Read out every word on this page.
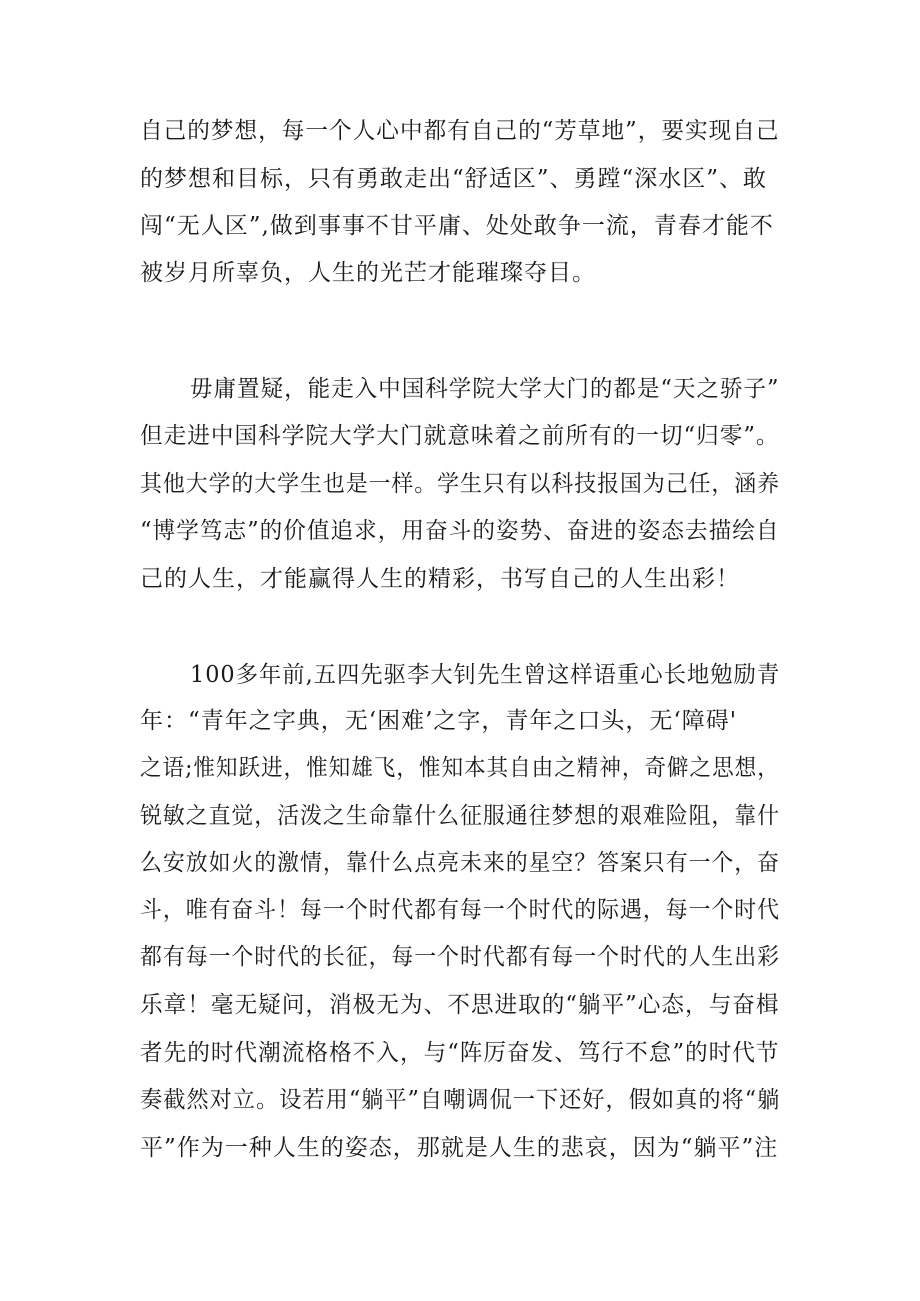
自己的梦想，每一个人心中都有自己的“芳草地”，要实现自己
的梦想和目标，只有勇敢走出“舒适区”、勇蹚“深水区”、敢
闯“无人区”,做到事事不甘平庸、处处敢争一流，青春才能不
被岁月所辜负，人生的光芒才能璀璨夺目。
毋庸置疑，能走入中国科学院大学大门的都是“天之骄子”
但走进中国科学院大学大门就意味着之前所有的一切“归零”。
其他大学的大学生也是一样。学生只有以科技报国为己任，涵养
“博学笃志”的价值追求，用奋斗的姿势、奋进的姿态去描绘自
己的人生，才能赢得人生的精彩，书写自己的人生出彩！
100多年前,五四先驱李大钊先生曾这样语重心长地勉励青
年：“青年之字典，无‘困难’之字，青年之口头，无‘障碍'
之语;惟知跃进，惟知雄飞，惟知本其自由之精神，奇僻之思想，
锐敏之直觉，活泼之生命靠什么征服通往梦想的艰难险阻，靠什
么安放如火的激情，靠什么点亮未来的星空？答案只有一个，奋
斗，唯有奋斗！每一个时代都有每一个时代的际遇，每一个时代
都有每一个时代的长征，每一个时代都有每一个时代的人生出彩
乐章！毫无疑问，消极无为、不思进取的“躺平”心态，与奋楫
者先的时代潮流格格不入，与“阵厉奋发、笃行不怠”的时代节
奏截然对立。设若用“躺平”自嘲调侃一下还好，假如真的将“躺
平”作为一种人生的姿态，那就是人生的悲哀，因为“躺平”注
